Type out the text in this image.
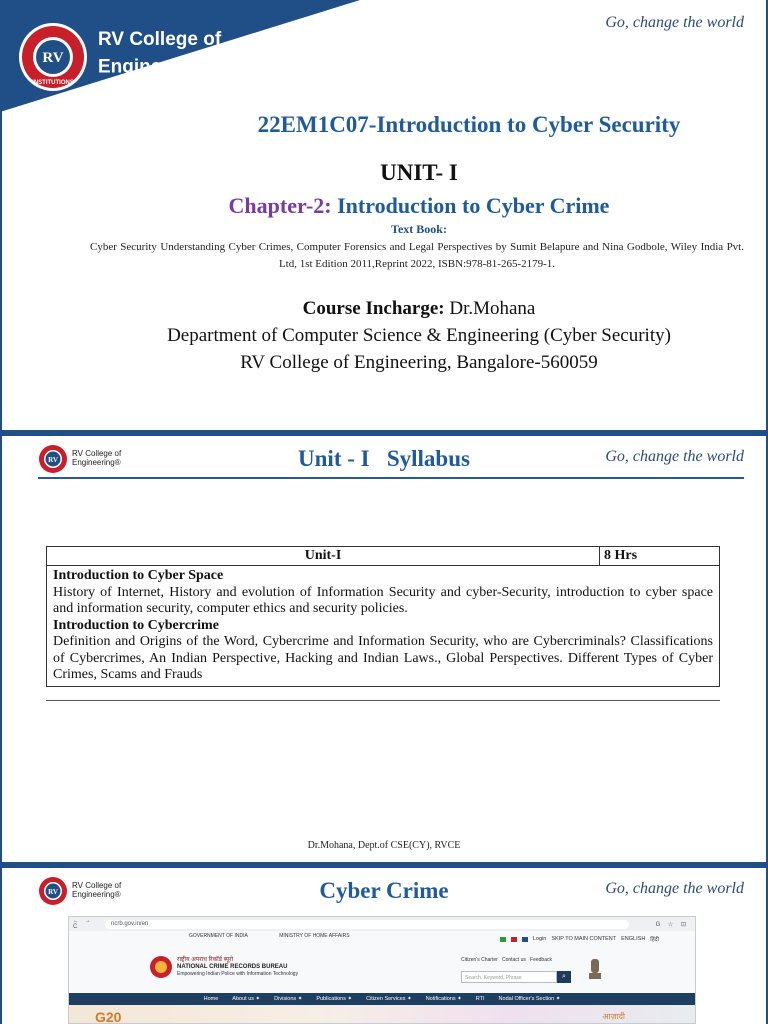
RV
INSTITUTIONS
RV College of
Engineering®
Go, change the world
22EM1C07-Introduction to Cyber Security
UNIT- I
Chapter-2: Introduction to Cyber Crime
Text Book:
Cyber Security Understanding Cyber Crimes, Computer Forensics and Legal Perspectives by Sumit Belapure and Nina Godbole, Wiley India Pvt. Ltd, 1st Edition 2011,Reprint 2022, ISBN:978-81-265-2179-1.
Course Incharge: Dr.Mohana
Department of Computer Science & Engineering (Cyber Security)
RV College of Engineering, Bangalore-560059
RV
RV College of
Engineering®	Unit - I   Syllabus	Go, change the world
Unit-I	8 Hrs

Introduction to Cyber Space
History of Internet, History and evolution of Information Security and cyber-Security, introduction to cyber space and information security, computer ethics and security policies.
Introduction to Cybercrime
Definition and Origins of the Word, Cybercrime and Information Security, who are Cybercriminals? Classifications of Cybercrimes, An Indian Perspective, Hacking and Indian Laws., Global Perspectives. Different Types of Cyber Crimes, Scams and Frauds
Dr.Mohana, Dept.of CSE(CY), RVCE
RV
RV College of
Engineering®	Cyber Crime	Go, change the world
← → C
ncrb.gov.in/en	G ☆ ⊡
GOVERNMENT OF INDIA	MINISTRY OF HOME AFFAIRS	Login SKIP TO MAIN CONTENT ENGLISH हिंदी
राष्ट्रीय अपराध रिकॉर्ड ब्यूरो
NATIONAL CRIME RECORDS BUREAU
Empowering Indian Police with Information Technology
Citizen's Charter   Contact us   Feedback
Search, Keyword, Phrase	⌕
Home	About us ✦	Divisions ✦	Publications ✦	Citizen Services ✦	Notifications ✦	RTI	Nodal Officer's Section ✦
G20	आज़ादी
